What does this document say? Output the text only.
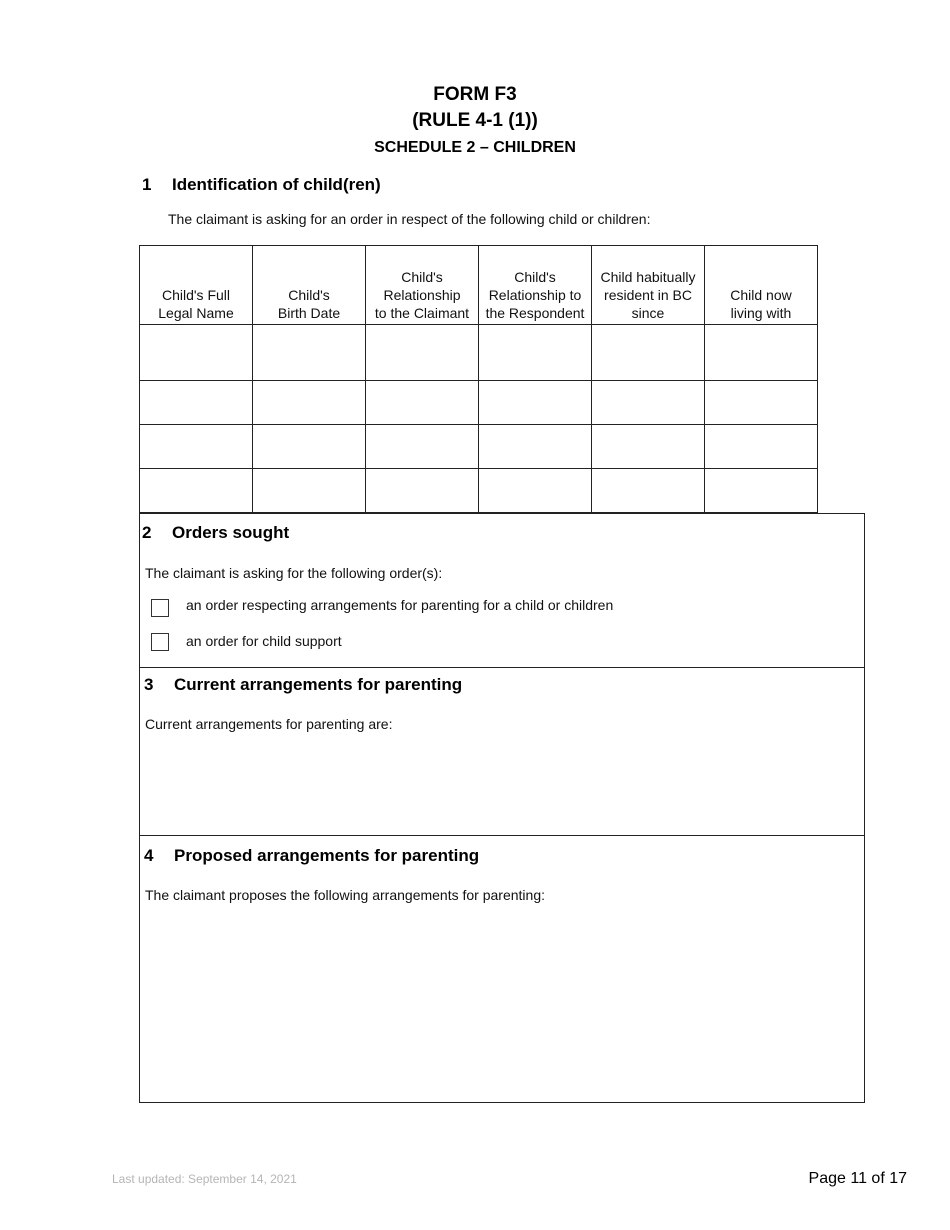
FORM F3
(RULE 4-1 (1))
SCHEDULE 2 – CHILDREN
1 Identification of child(ren)
The claimant is asking for an order in respect of the following child or children:
Child's Full
Legal Name	Child's
Birth Date	Child's
Relationship
to the Claimant	Child's
Relationship to
the Respondent	Child habitually
resident in BC
since	Child now
living with

2 Orders sought
The claimant is asking for the following order(s):
an order respecting arrangements for parenting for a child or children
an order for child support
3 Current arrangements for parenting
Current arrangements for parenting are:
4 Proposed arrangements for parenting
The claimant proposes the following arrangements for parenting:
Last updated: September 14, 2021	Page 11 of 17
